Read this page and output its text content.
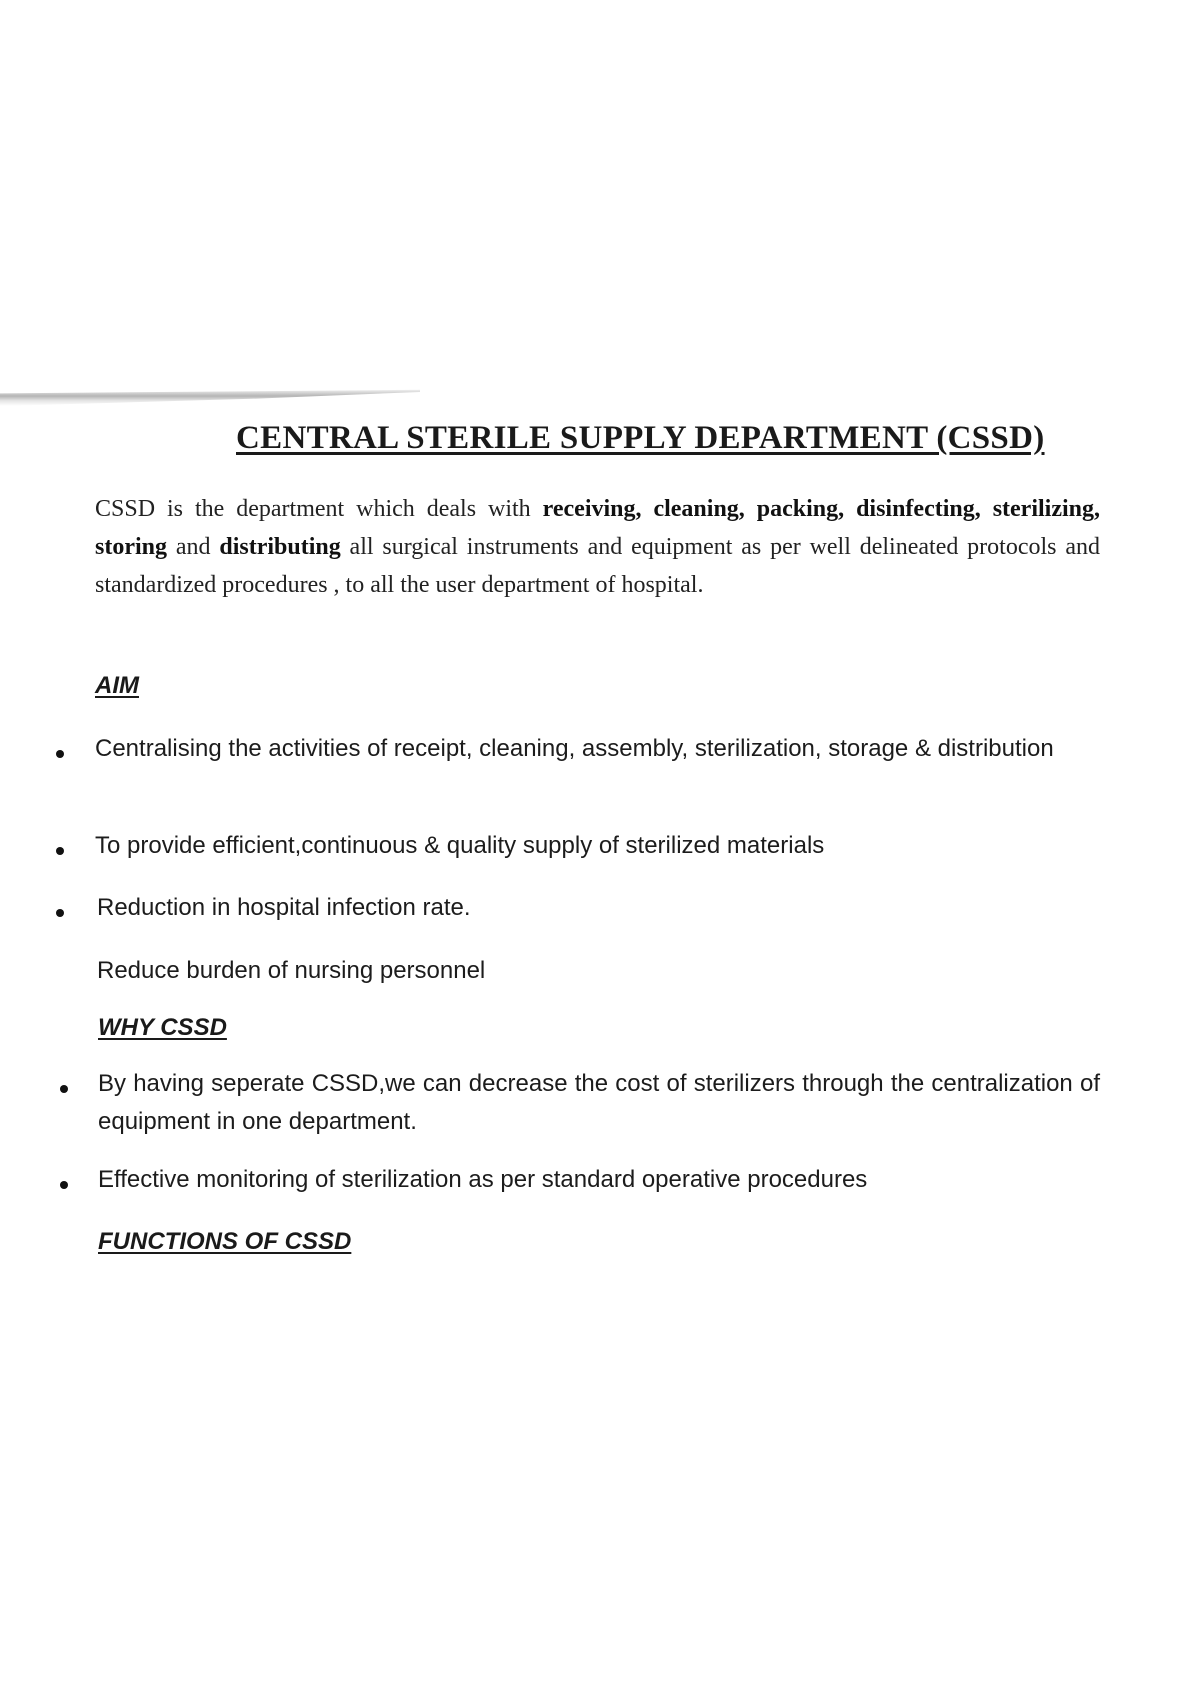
CENTRAL STERILE SUPPLY DEPARTMENT (CSSD)

CSSD is the department which deals with receiving, cleaning, packing, disinfecting, sterilizing, storing and distributing all surgical instruments and equipment as per well delineated protocols and standardized procedures , to all the user department of hospital.

AIM

Centralising the activities of receipt, cleaning, assembly, sterilization, storage & distribution

To provide efficient,continuous & quality supply of sterilized materials

Reduction in hospital infection rate.

Reduce burden of nursing personnel

WHY CSSD

By having seperate CSSD,we can decrease the cost of sterilizers through the centralization of equipment in one department.

Effective monitoring of sterilization as per standard operative procedures

FUNCTIONS OF CSSD
